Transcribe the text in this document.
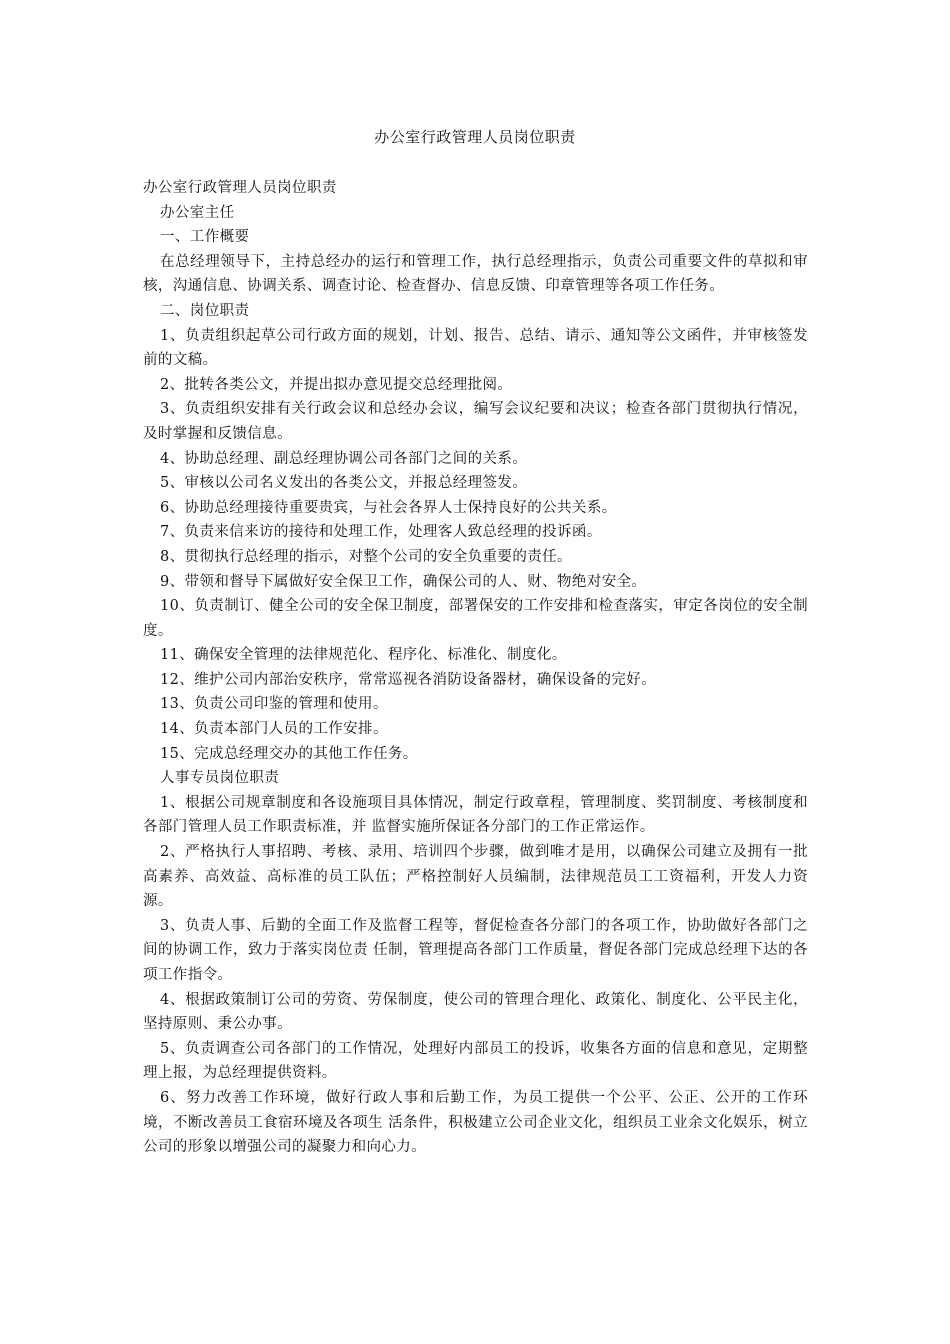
办公室行政管理人员岗位职责

办公室行政管理人员岗位职责

办公室主任

一、工作概要

在总经理领导下，主持总经办的运行和管理工作，执行总经理指示，负责公司重要文件的草拟和审核，沟通信息、协调关系、调查讨论、检查督办、信息反馈、印章管理等各项工作任务。

二、岗位职责

1、负责组织起草公司行政方面的规划，计划、报告、总结、请示、通知等公文函件，并审核签发前的文稿。

2、批转各类公文，并提出拟办意见提交总经理批阅。

3、负责组织安排有关行政会议和总经办会议，编写会议纪要和决议；检查各部门贯彻执行情况，及时掌握和反馈信息。

4、协助总经理、副总经理协调公司各部门之间的关系。

5、审核以公司名义发出的各类公文，并报总经理签发。

6、协助总经理接待重要贵宾，与社会各界人士保持良好的公共关系。

7、负责来信来访的接待和处理工作，处理客人致总经理的投诉函。

8、贯彻执行总经理的指示，对整个公司的安全负重要的责任。

9、带领和督导下属做好安全保卫工作，确保公司的人、财、物绝对安全。

10、负责制订、健全公司的安全保卫制度，部署保安的工作安排和检查落实，审定各岗位的安全制度。

11、确保安全管理的法律规范化、程序化、标准化、制度化。

12、维护公司内部治安秩序，常常巡视各消防设备器材，确保设备的完好。

13、负责公司印鉴的管理和使用。

14、负责本部门人员的工作安排。

15、完成总经理交办的其他工作任务。

人事专员岗位职责

1、根据公司规章制度和各设施项目具体情况，制定行政章程，管理制度、奖罚制度、考核制度和各部门管理人员工作职责标准，并 监督实施所保证各分部门的工作正常运作。

2、严格执行人事招聘、考核、录用、培训四个步骤，做到唯才是用，以确保公司建立及拥有一批高素养、高效益、高标准的员工队伍；严格控制好人员编制，法律规范员工工资福利，开发人力资源。

3、负责人事、后勤的全面工作及监督工程等，督促检查各分部门的各项工作，协助做好各部门之间的协调工作，致力于落实岗位责 任制，管理提高各部门工作质量，督促各部门完成总经理下达的各项工作指令。

4、根据政策制订公司的劳资、劳保制度，使公司的管理合理化、政策化、制度化、公平民主化，坚持原则、秉公办事。

5、负责调查公司各部门的工作情况，处理好内部员工的投诉，收集各方面的信息和意见，定期整理上报，为总经理提供资料。

6、努力改善工作环境，做好行政人事和后勤工作，为员工提供一个公平、公正、公开的工作环境，不断改善员工食宿环境及各项生 活条件，积极建立公司企业文化，组织员工业余文化娱乐，树立公司的形象以增强公司的凝聚力和向心力。
